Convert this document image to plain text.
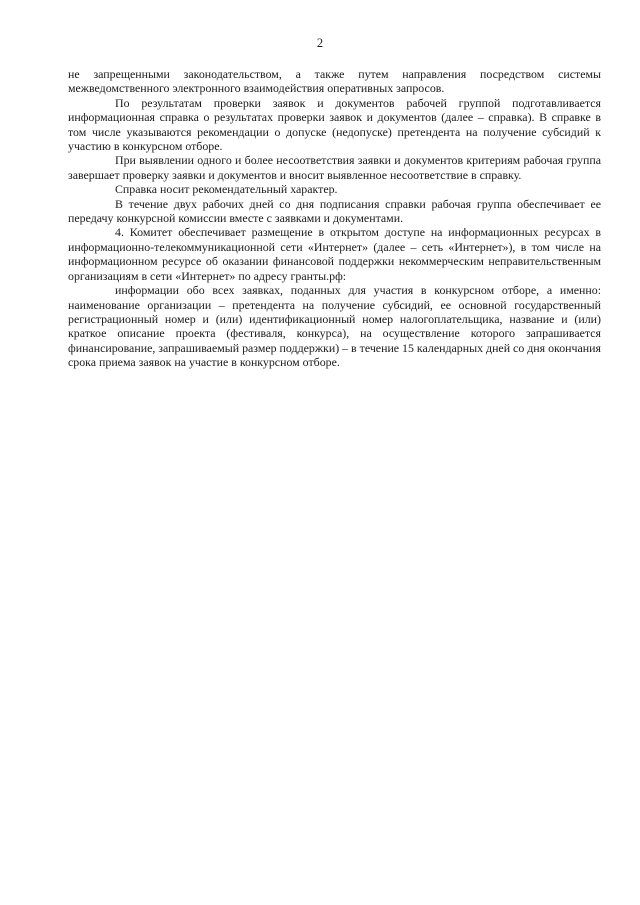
2

не запрещенными законодательством, а также путем направления посредством системы межведомственного электронного взаимодействия оперативных запросов.

По результатам проверки заявок и документов рабочей группой подготавливается информационная справка о результатах проверки заявок и документов (далее – справка). В справке в том числе указываются рекомендации о допуске (недопуске) претендента на получение субсидий к участию в конкурсном отборе.

При выявлении одного и более несоответствия заявки и документов критериям рабочая группа завершает проверку заявки и документов и вносит выявленное несоответствие в справку.

Справка носит рекомендательный характер.

В течение двух рабочих дней со дня подписания справки рабочая группа обеспечивает ее передачу конкурсной комиссии вместе с заявками и документами.

4. Комитет обеспечивает размещение в открытом доступе на информационных ресурсах в информационно-телекоммуникационной сети «Интернет» (далее – сеть «Интернет»), в том числе на информационном ресурсе об оказании финансовой поддержки некоммерческим неправительственным организациям в сети «Интернет» по адресу гранты.рф:

информации обо всех заявках, поданных для участия в конкурсном отборе, а именно: наименование организации – претендента на получение субсидий, ее основной государственный регистрационный номер и (или) идентификационный номер налогоплательщика, название и (или) краткое описание проекта (фестиваля, конкурса), на осуществление которого запрашивается финансирование, запрашиваемый размер поддержки) – в течение 15 календарных дней со дня окончания срока приема заявок на участие в конкурсном отборе.
